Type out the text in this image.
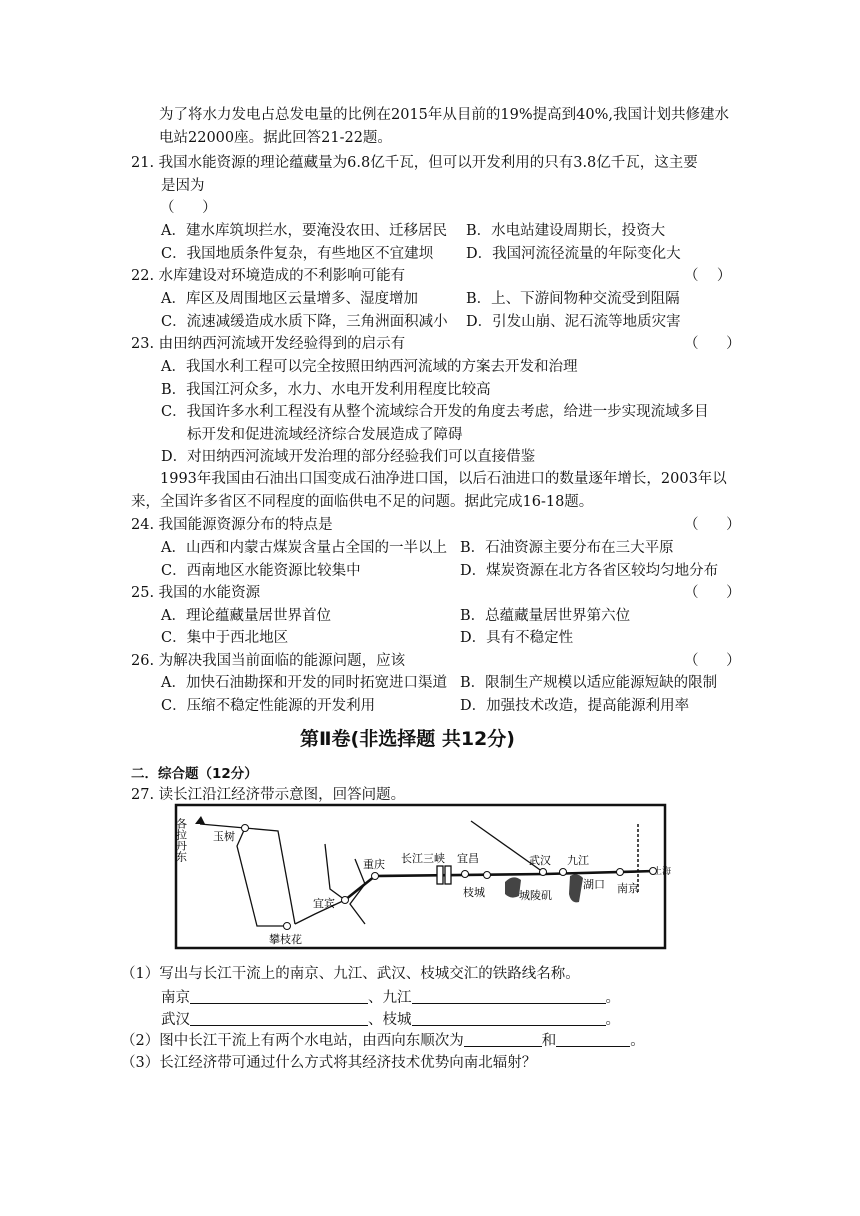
为了将水力发电占总发电量的比例在2015年从目前的19%提高到40%,我国计划共修建水电站22000座。据此回答21-22题。
21. 我国水能资源的理论蕴藏量为6.8亿千瓦，但可以开发利用的只有3.8亿千瓦，这主要
是因为
（      ）
A．建水库筑坝拦水，要淹没农田、迁移居民 B．水电站建设周期长，投资大
C．我国地质条件复杂，有些地区不宜建坝 D．我国河流径流量的年际变化大
22. 水库建设对环境造成的不利影响可能有	（    ）
A．库区及周围地区云量增多、湿度增加	B．上、下游间物种交流受到阻隔
C．流速减缓造成水质下降，三角洲面积减小 D．引发山崩、泥石流等地质灾害
23. 由田纳西河流域开发经验得到的启示有	（      ）
A．我国水利工程可以完全按照田纳西河流域的方案去开发和治理
B．我国江河众多，水力、水电开发利用程度比较高
C．我国许多水利工程没有从整个流域综合开发的角度去考虑，给进一步实现流域多目
标开发和促进流域经济综合发展造成了障碍
D．对田纳西河流域开发治理的部分经验我们可以直接借鉴
1993年我国由石油出口国变成石油净进口国，以后石油进口的数量逐年增长，2003年以来，全国许多省区不同程度的面临供电不足的问题。据此完成16-18题。
24. 我国能源资源分布的特点是	（      ）
A．山西和内蒙古煤炭含量占全国的一半以上 B．石油资源主要分布在三大平原
C．西南地区水能资源比较集中	D．煤炭资源在北方各省区较均匀地分布
25. 我国的水能资源	（      ）
A．理论蕴藏量居世界首位	B．总蕴藏量居世界第六位
C．集中于西北地区	D．具有不稳定性
26. 为解决我国当前面临的能源问题，应该	（      ）
A．加快石油勘探和开发的同时拓宽进口渠道 B．限制生产规模以适应能源短缺的限制
C．压缩不稳定性能源的开发利用	D．加强技术改造，提高能源利用率
第Ⅱ卷(非选择题 共12分)
二．综合题（12分）
27. 读长江沿江经济带示意图，回答问题。
各拉丹东 玉树
攀枝花
宜宾
重庆 长江三峡 宜昌
枝城
武汉
城陵矶
九江
湖口 南京
上海
（1）写出与长江干流上的南京、九江、武汉、枝城交汇的铁路线名称。
南京	、九江	。
武汉	、枝城	。
（2）图中长江干流上有两个水电站，由西向东顺次为	和	。
（3）长江经济带可通过什么方式将其经济技术优势向南北辐射？
